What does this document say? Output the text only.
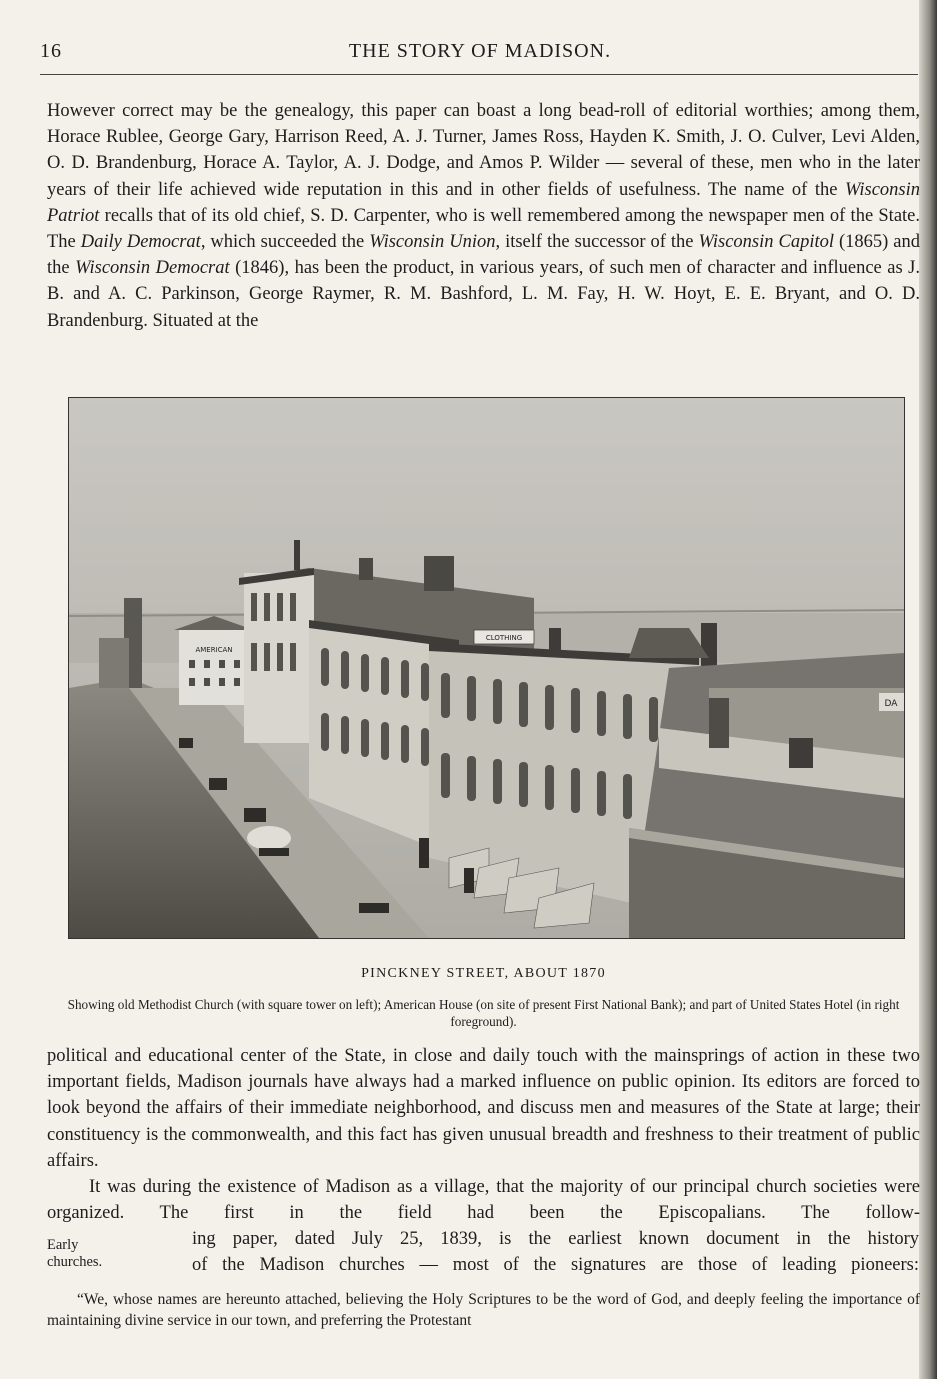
16	THE STORY OF MADISON.

However correct may be the genealogy, this paper can boast a long bead-roll of editorial worthies; among them, Horace Rublee, George Gary, Harrison Reed, A. J. Turner, James Ross, Hayden K. Smith, J. O. Culver, Levi Alden, O. D. Brandenburg, Horace A. Taylor, A. J. Dodge, and Amos P. Wilder — several of these, men who in the later years of their life achieved wide reputation in this and in other fields of usefulness. The name of the Wisconsin Patriot recalls that of its old chief, S. D. Carpenter, who is well remembered among the newspaper men of the State. The Daily Democrat, which succeeded the Wisconsin Union, itself the successor of the Wisconsin Capitol (1865) and the Wisconsin Democrat (1846), has been the product, in various years, of such men of character and influence as J. B. and A. C. Parkinson, George Raymer, R. M. Bashford, L. M. Fay, H. W. Hoyt, E. E. Bryant, and O. D. Brandenburg. Situated at the

AMERICAN
CLOTHING
DA
PINCKNEY STREET, ABOUT 1870
Showing old Methodist Church (with square tower on left); American House (on site of present First National Bank); and part of United States Hotel (in right foreground).

political and educational center of the State, in close and daily touch with the mainsprings of action in these two important fields, Madison journals have always had a marked influence on public opinion. Its editors are forced to look beyond the affairs of their immediate neighborhood, and discuss men and measures of the State at large; their constituency is the commonwealth, and this fact has given unusual breadth and freshness to their treatment of public affairs.

It was during the existence of Madison as a village, that the majority of our principal church societies were organized. The first in the field had been the Episcopalians. The follow-

ing paper, dated July 25, 1839, is the earliest known document in the history

of the Madison churches — most of the signatures are those of leading pioneers:

Early
churches.

“We, whose names are hereunto attached, believing the Holy Scriptures to be the word of God, and deeply feeling the importance of maintaining divine service in our town, and preferring the Protestant
